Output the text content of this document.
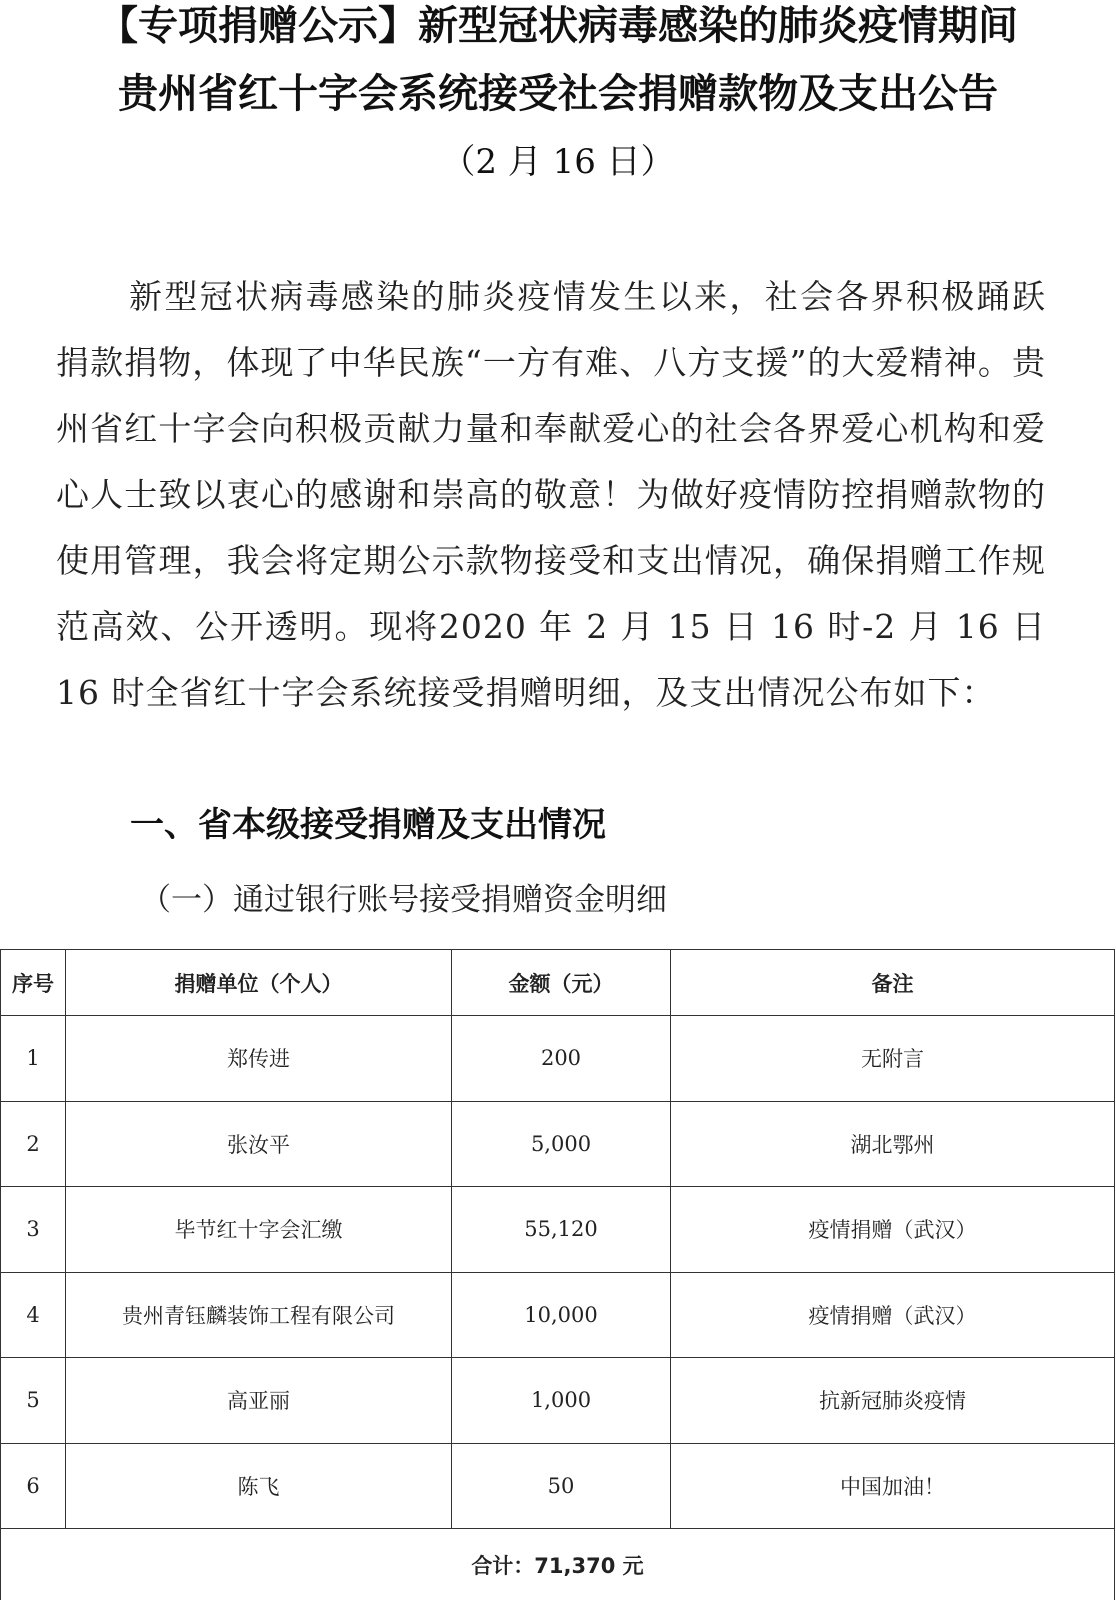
【专项捐赠公示】新型冠状病毒感染的肺炎疫情期间
贵州省红十字会系统接受社会捐赠款物及支出公告
（2 月 16 日）

新型冠状病毒感染的肺炎疫情发生以来，社会各界积极踊跃捐款捐物，体现了中华民族“一方有难、八方支援”的大爱精神。贵州省红十字会向积极贡献力量和奉献爱心的社会各界爱心机构和爱心人士致以衷心的感谢和崇高的敬意！为做好疫情防控捐赠款物的使用管理，我会将定期公示款物接受和支出情况，确保捐赠工作规范高效、公开透明。现将2020 年 2 月 15 日 16 时-2 月 16 日 16 时全省红十字会系统接受捐赠明细，及支出情况公布如下：

一、省本级接受捐赠及支出情况
（一）通过银行账号接受捐赠资金明细
序号	捐赠单位（个人）	金额（元）	备注
1	郑传进	200	无附言
2	张汝平	5,000	湖北鄂州
3	毕节红十字会汇缴	55,120	疫情捐赠（武汉）
4	贵州青钰麟装饰工程有限公司	10,000	疫情捐赠（武汉）
5	高亚丽	1,000	抗新冠肺炎疫情
6	陈飞	50	中国加油！
合计：71,370 元			
